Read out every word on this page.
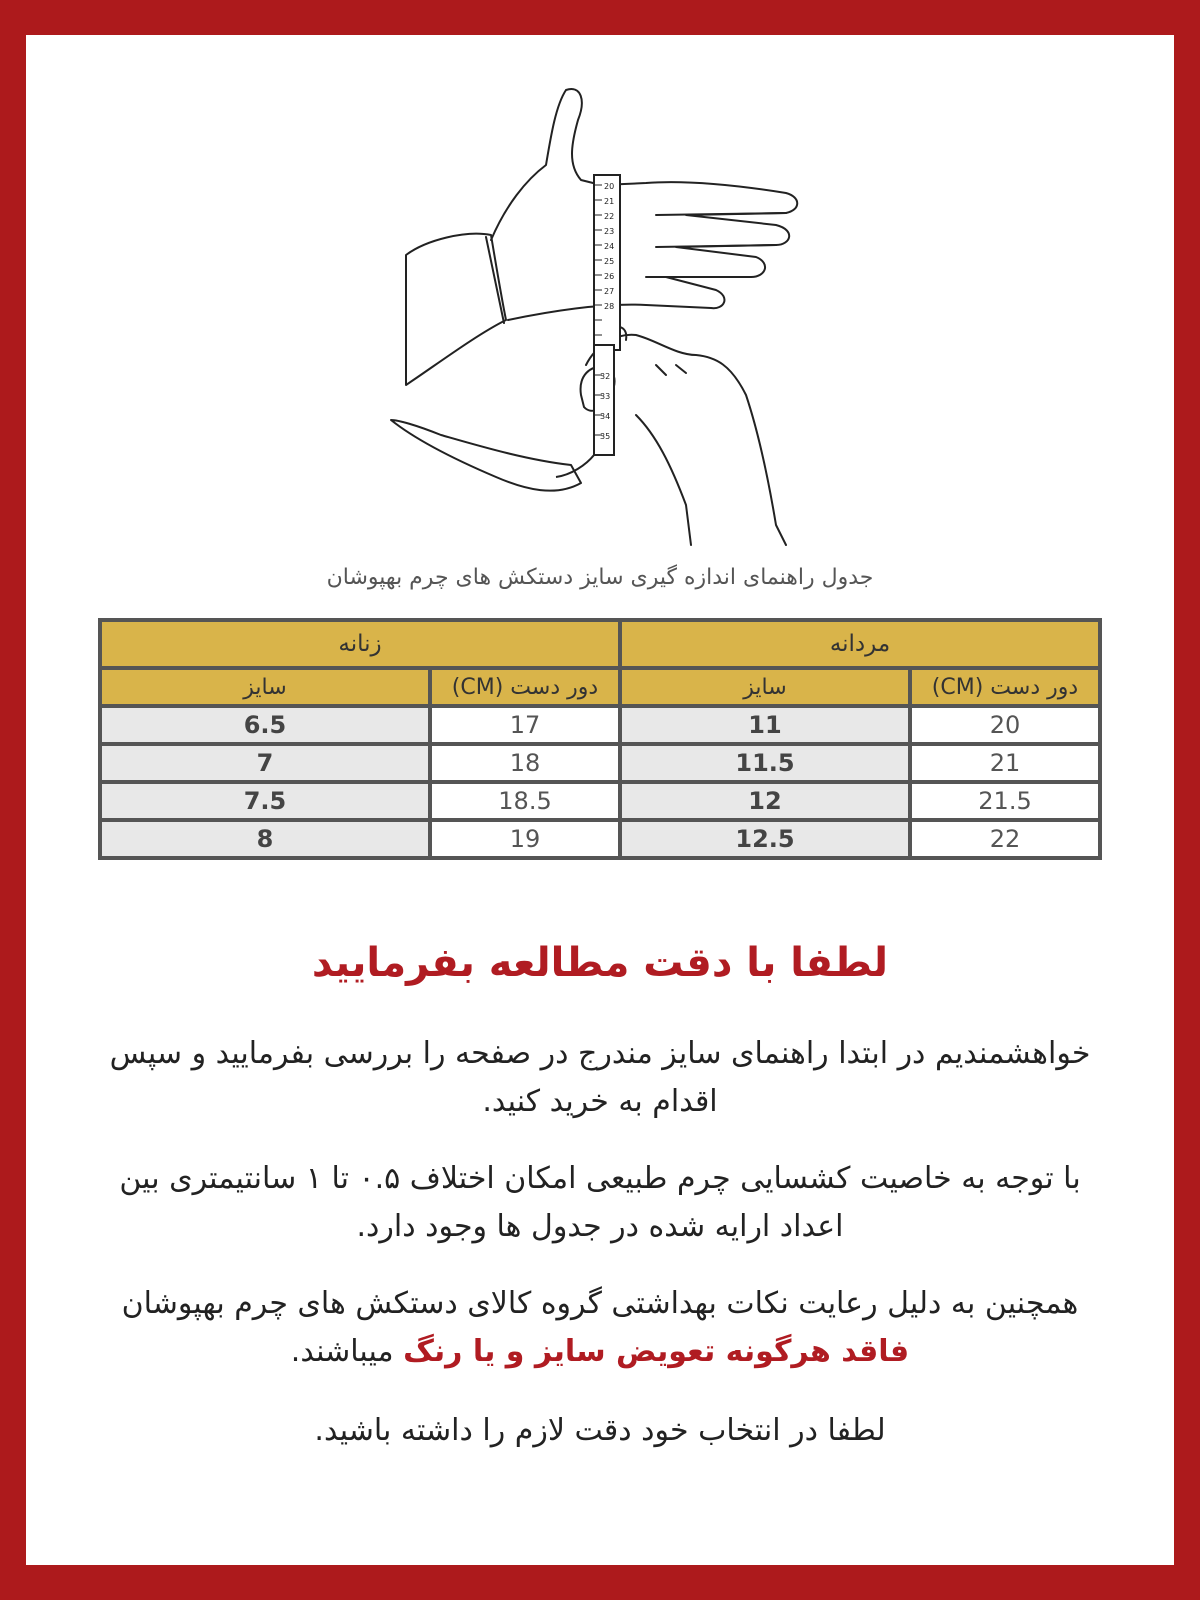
20
21
22
23
24
25
26
27
28
32
33
34
35
جدول راهنمای اندازه گیری سایز دستکش های چرم بهپوشان
مردانه		زنانه	
دور دست (CM)	سایز	دور دست (CM)	سایز
20	11	17	6.5
21	11.5	18	7
21.5	12	18.5	7.5
22	12.5	19	8
لطفا با دقت مطالعه بفرمایید
خواهشمندیم در ابتدا راهنمای سایز مندرج در صفحه را بررسی بفرمایید و سپس اقدام به خرید کنید.
با توجه به خاصیت کشسایی چرم طبیعی امکان اختلاف ۰.۵ تا ۱ سانتیمتری بین اعداد ارایه شده در جدول ها وجود دارد.
همچنین به دلیل رعایت نکات بهداشتی گروه کالای دستکش های چرم بهپوشان فاقد هرگونه تعویض سایز و یا رنگ میباشند.
لطفا در انتخاب خود دقت لازم را داشته باشید.
